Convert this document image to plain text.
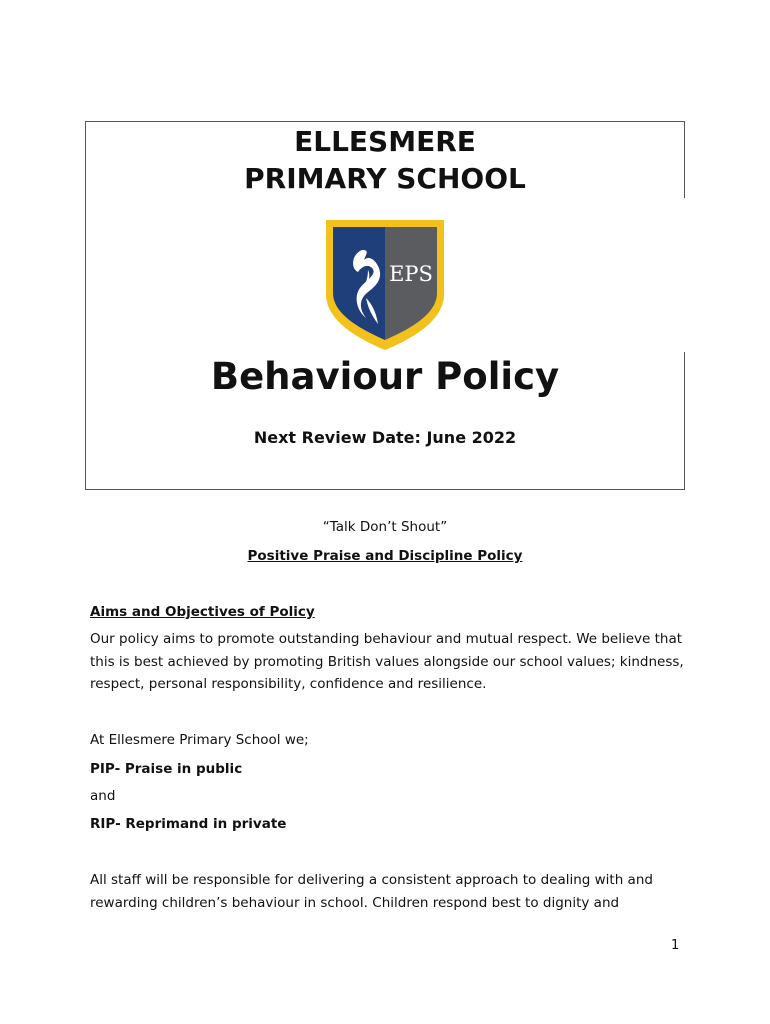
ELLESMERE
PRIMARY SCHOOL
EPS
Behaviour Policy
Next Review Date: June 2022
“Talk Don’t Shout”
Positive Praise and Discipline Policy
Aims and Objectives of Policy
Our policy aims to promote outstanding behaviour and mutual respect. We believe that this is best achieved by promoting British values alongside our school values; kindness, respect, personal responsibility, confidence and resilience.
At Ellesmere Primary School we;
PIP- Praise in public
and
RIP- Reprimand in private
All staff will be responsible for delivering a consistent approach to dealing with and rewarding children’s behaviour in school. Children respond best to dignity and
1
